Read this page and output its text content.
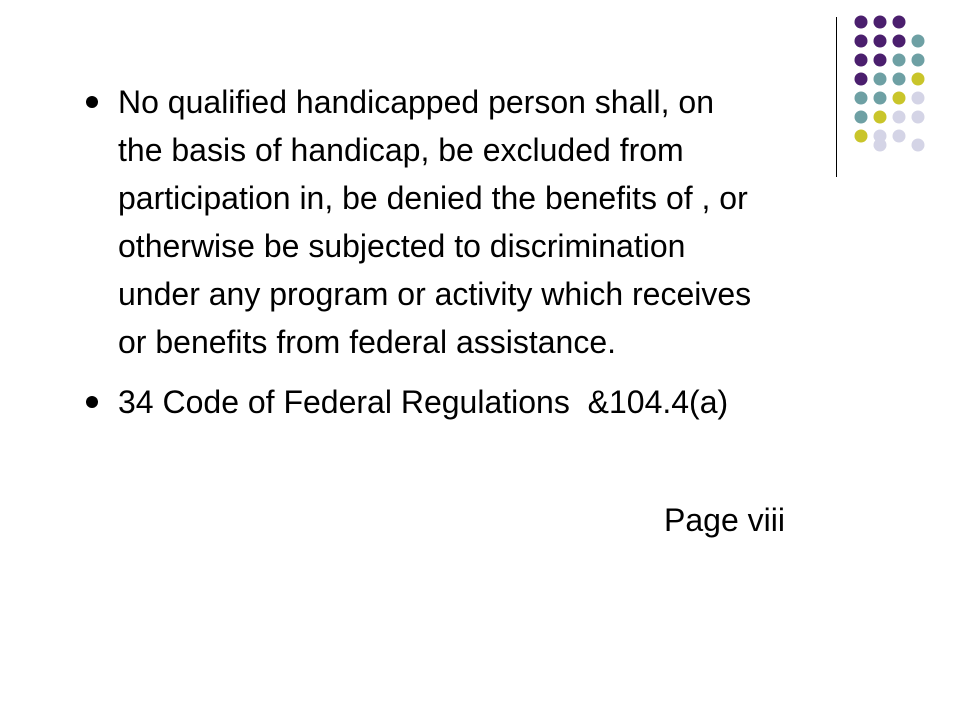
No qualified handicapped person shall, on
the basis of handicap, be excluded from
participation in, be denied the benefits of , or
otherwise be subjected to discrimination
under any program or activity which receives
or benefits from federal assistance.
34 Code of Federal Regulations  &104.4(a)
Page viii
